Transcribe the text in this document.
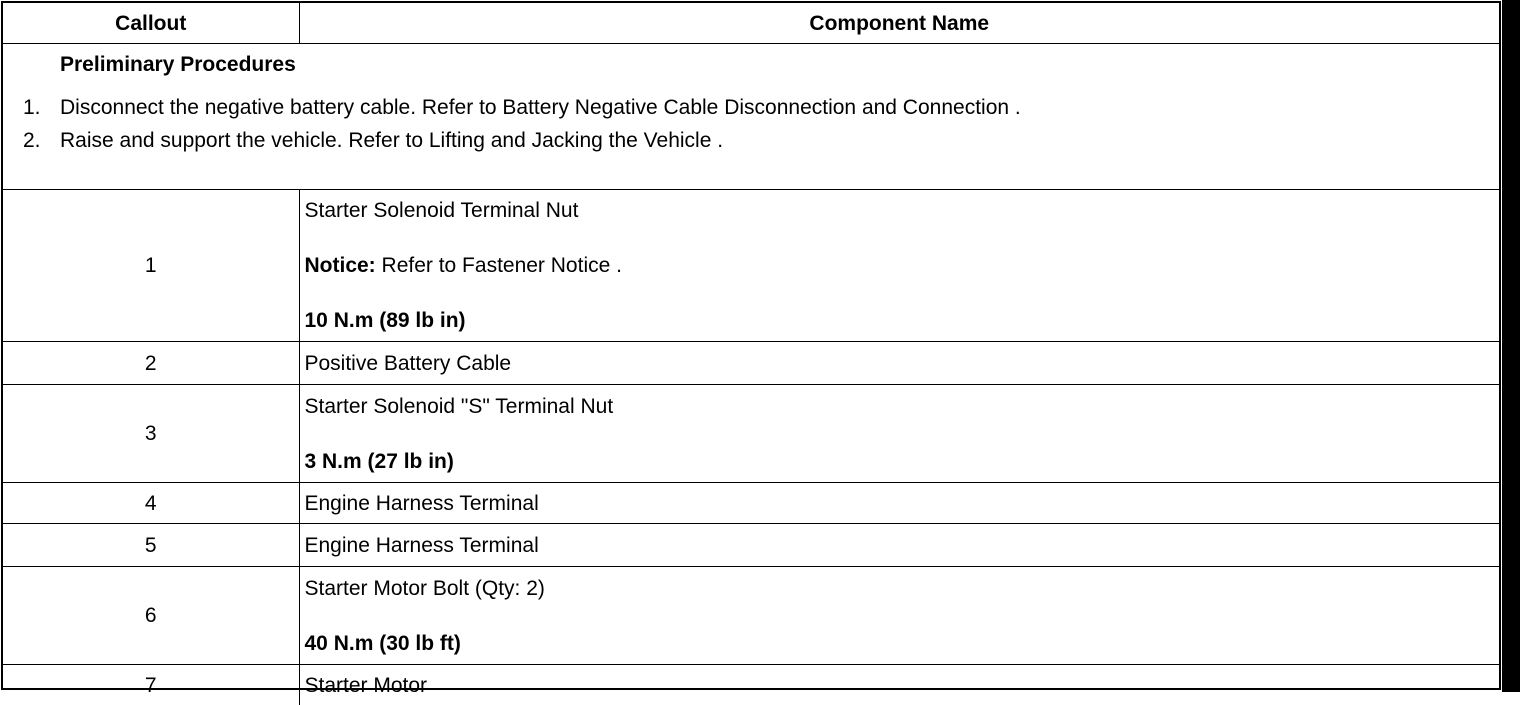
Callout	Component Name

Preliminary Procedures
1. Disconnect the negative battery cable. Refer to Battery Negative Cable Disconnection and Connection .
2. Raise and support the vehicle. Refer to Lifting and Jacking the Vehicle .	

1	Starter Solenoid Terminal Nut
Notice: Refer to Fastener Notice .
10 N.m (89 lb in)

2	Positive Battery Cable
3	Starter Solenoid "S" Terminal Nut
3 N.m (27 lb in)

4	Engine Harness Terminal
5	Engine Harness Terminal
6	Starter Motor Bolt (Qty: 2)
40 N.m (30 lb ft)

7	Starter Motor
